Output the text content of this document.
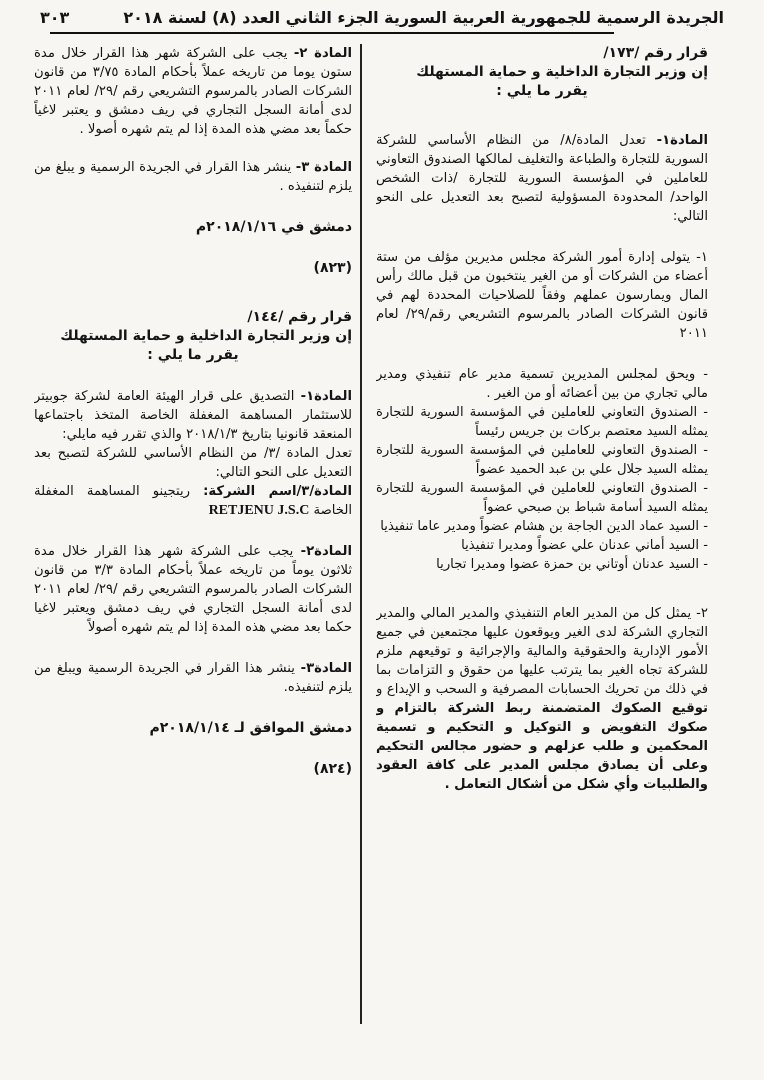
الجريدة الرسمية للجمهورية العربية السورية الجزء الثاني العدد (٨) لسنة ٢٠١٨
٣٠٣
قرار رقم /١٧٣/
إن وزير التجارة الداخلية و حماية المستهلك
يقرر ما يلي :

المادة١- تعدل المادة/٨/ من النظام الأساسي للشركة السورية للتجارة والطباعة والتغليف لمالكها الصندوق التعاوني للعاملين في المؤسسة السورية للتجارة /ذات الشخص الواحد/ المحدودة المسؤولية لتصبح بعد التعديل على النحو التالي:

١- يتولى إدارة أمور الشركة مجلس مديرين مؤلف من ستة أعضاء من الشركات أو من الغير ينتخبون من قبل مالك رأس المال ويمارسون عملهم وفقاً للصلاحيات المحددة لهم في قانون الشركات الصادر بالمرسوم التشريعي رقم/٢٩/ لعام ٢٠١١

- ويحق لمجلس المديرين تسمية مدير عام تنفيذي ومدير مالي تجاري من بين أعضائه أو من الغير .

- الصندوق التعاوني للعاملين في المؤسسة السورية للتجارة يمثله السيد معتصم بركات بن جريس رئيساً

- الصندوق التعاوني للعاملين في المؤسسة السورية للتجارة يمثله السيد جلال علي بن عبد الحميد عضواً

- الصندوق التعاوني للعاملين في المؤسسة السورية للتجارة يمثله السيد أسامة شباط بن صبحي عضواً

- السيد عماد الدين الجاجة بن هشام عضواً ومدير عاما تنفيذيا

- السيد أماني عدنان علي عضواً ومديرا تنفيذيا

- السيد عدنان أوتاني بن حمزة عضوا ومديرا تجاريا

٢- يمثل كل من المدير العام التنفيذي والمدير المالي والمدير التجاري الشركة لدى الغير ويوقعون عليها مجتمعين في جميع الأمور الإدارية والحقوقية والمالية والإجرائية و توقيعهم ملزم للشركة تجاه الغير بما يترتب عليها من حقوق و التزامات بما في ذلك من تحريك الحسابات المصرفية و السحب و الإيداع و توقيع الصكوك المتضمنة ربط الشركة بالتزام و صكوك التفويض و التوكيل و التحكيم و تسمية المحكمين و طلب عزلهم و حضور مجالس التحكيم وعلى أن يصادق مجلس المدير على كافة العقود والطلبيات وأي شكل من أشكال التعامل .

المادة ٢- يجب على الشركة شهر هذا القرار خلال مدة ستون يوما من تاريخه عملاً بأحكام المادة ٣/٧٥ من قانون الشركات الصادر بالمرسوم التشريعي رقم /٢٩/ لعام ٢٠١١ لدى أمانة السجل التجاري في ريف دمشق و يعتبر لاغياً حكماً بعد مضي هذه المدة إذا لم يتم شهره أصولا .

المادة ٣- ينشر هذا القرار في الجريدة الرسمية و يبلغ من يلزم لتنفيذه .

دمشق في ٢٠١٨/١/١٦م
(٨٢٣)
قرار رقم /١٤٤/
إن وزير التجارة الداخلية و حماية المستهلك
يقرر ما يلي :

المادة١- التصديق على قرار الهيئة العامة لشركة جوبيتر للاستثمار المساهمة المغفلة الخاصة المتخذ باجتماعها المنعقد قانونيا بتاريخ ٢٠١٨/١/٣ والذي تقرر فيه مايلي:

تعدل المادة /٣/ من النظام الأساسي للشركة لتصبح بعد التعديل على النحو التالي:

المادة/٣/اسم الشركة: ريتجينو المساهمة المغفلة الخاصة RETJENU J.S.C

المادة٢- يجب على الشركة شهر هذا القرار خلال مدة ثلاثون يوماً من تاريخه عملاً بأحكام المادة ٣/٣ من قانون الشركات الصادر بالمرسوم التشريعي رقم /٢٩/ لعام ٢٠١١ لدى أمانة السجل التجاري في ريف دمشق ويعتبر لاغيا حكما بعد مضي هذه المدة إذا لم يتم شهره أصولاً

المادة٣- ينشر هذا القرار في الجريدة الرسمية ويبلغ من يلزم لتنفيذه.

دمشق الموافق لـ ٢٠١٨/١/١٤م
(٨٢٤)
